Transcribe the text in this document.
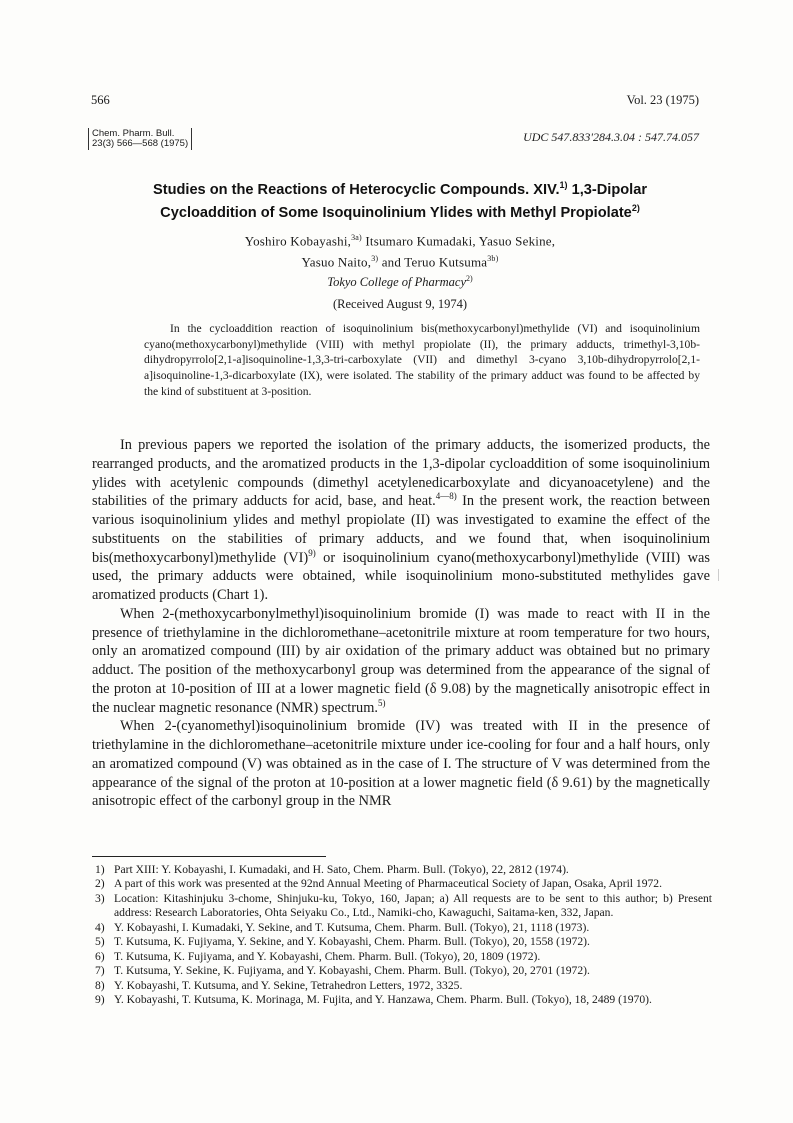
566	Vol. 23 (1975)
Chem. Pharm. Bull.
23(3) 566—568 (1975)	UDC 547.833'284.3.04 : 547.74.057
Studies on the Reactions of Heterocyclic Compounds. XIV.$^{1)}$ 1,3-Dipolar
Cycloaddition of Some Isoquinolinium Ylides with Methyl Propiolate$^{2)}$
Yoshiro Kobayashi,$^{3a)}$ Itsumaro Kumadaki, Yasuo Sekine,
Yasuo Naito,$^{3)}$ and Teruo Kutsuma$^{3b)}$
Tokyo College of Pharmacy$^{2)}$
(Received August 9, 1974)
In the cycloaddition reaction of isoquinolinium bis(methoxycarbonyl)methylide (VI) and isoquinolinium cyano(methoxycarbonyl)methylide (VIII) with methyl propiolate (II), the primary adducts, trimethyl-3,10b-dihydropyrrolo[2,1-a]isoquinoline-1,3,3-tri-carboxylate (VII) and dimethyl 3-cyano 3,10b-dihydropyrrolo[2,1-a]isoquinoline-1,3-dicarboxylate (IX), were isolated. The stability of the primary adduct was found to be affected by the kind of substituent at 3-position.

In previous papers we reported the isolation of the primary adducts, the isomerized products, the rearranged products, and the aromatized products in the 1,3-dipolar cycloaddition of some isoquinolinium ylides with acetylenic compounds (dimethyl acetylenedicarboxylate and dicyanoacetylene) and the stabilities of the primary adducts for acid, base, and heat.$^{4—8)}$ In the present work, the reaction between various isoquinolinium ylides and methyl propiolate (II) was investigated to examine the effect of the substituents on the stabilities of primary adducts, and we found that, when isoquinolinium bis(methoxycarbonyl)methylide (VI)$^{9)}$ or isoquinolinium cyano(methoxycarbonyl)methylide (VIII) was used, the primary adducts were obtained, while isoquinolinium mono-substituted methylides gave aromatized products (Chart 1).

When 2-(methoxycarbonylmethyl)isoquinolinium bromide (I) was made to react with II in the presence of triethylamine in the dichloromethane–acetonitrile mixture at room temperature for two hours, only an aromatized compound (III) by air oxidation of the primary adduct was obtained but no primary adduct. The position of the methoxycarbonyl group was determined from the appearance of the signal of the proton at 10-position of III at a lower magnetic field (δ 9.08) by the magnetically anisotropic effect in the nuclear magnetic resonance (NMR) spectrum.$^{5)}$

When 2-(cyanomethyl)isoquinolinium bromide (IV) was treated with II in the presence of triethylamine in the dichloromethane–acetonitrile mixture under ice-cooling for four and a half hours, only an aromatized compound (V) was obtained as in the case of I. The structure of V was determined from the appearance of the signal of the proton at 10-position at a lower magnetic field (δ 9.61) by the magnetically anisotropic effect of the carbonyl group in the NMR

1) Part XIII: Y. Kobayashi, I. Kumadaki, and H. Sato, Chem. Pharm. Bull. (Tokyo), 22, 2812 (1974).
2) A part of this work was presented at the 92nd Annual Meeting of Pharmaceutical Society of Japan, Osaka, April 1972.
3) Location: Kitashinjuku 3-chome, Shinjuku-ku, Tokyo, 160, Japan; a) All requests are to be sent to this author; b) Present address: Research Laboratories, Ohta Seiyaku Co., Ltd., Namiki-cho, Kawaguchi, Saitama-ken, 332, Japan.
4) Y. Kobayashi, I. Kumadaki, Y. Sekine, and T. Kutsuma, Chem. Pharm. Bull. (Tokyo), 21, 1118 (1973).
5) T. Kutsuma, K. Fujiyama, Y. Sekine, and Y. Kobayashi, Chem. Pharm. Bull. (Tokyo), 20, 1558 (1972).
6) T. Kutsuma, K. Fujiyama, and Y. Kobayashi, Chem. Pharm. Bull. (Tokyo), 20, 1809 (1972).
7) T. Kutsuma, Y. Sekine, K. Fujiyama, and Y. Kobayashi, Chem. Pharm. Bull. (Tokyo), 20, 2701 (1972).
8) Y. Kobayashi, T. Kutsuma, and Y. Sekine, Tetrahedron Letters, 1972, 3325.
9) Y. Kobayashi, T. Kutsuma, K. Morinaga, M. Fujita, and Y. Hanzawa, Chem. Pharm. Bull. (Tokyo), 18, 2489 (1970).
